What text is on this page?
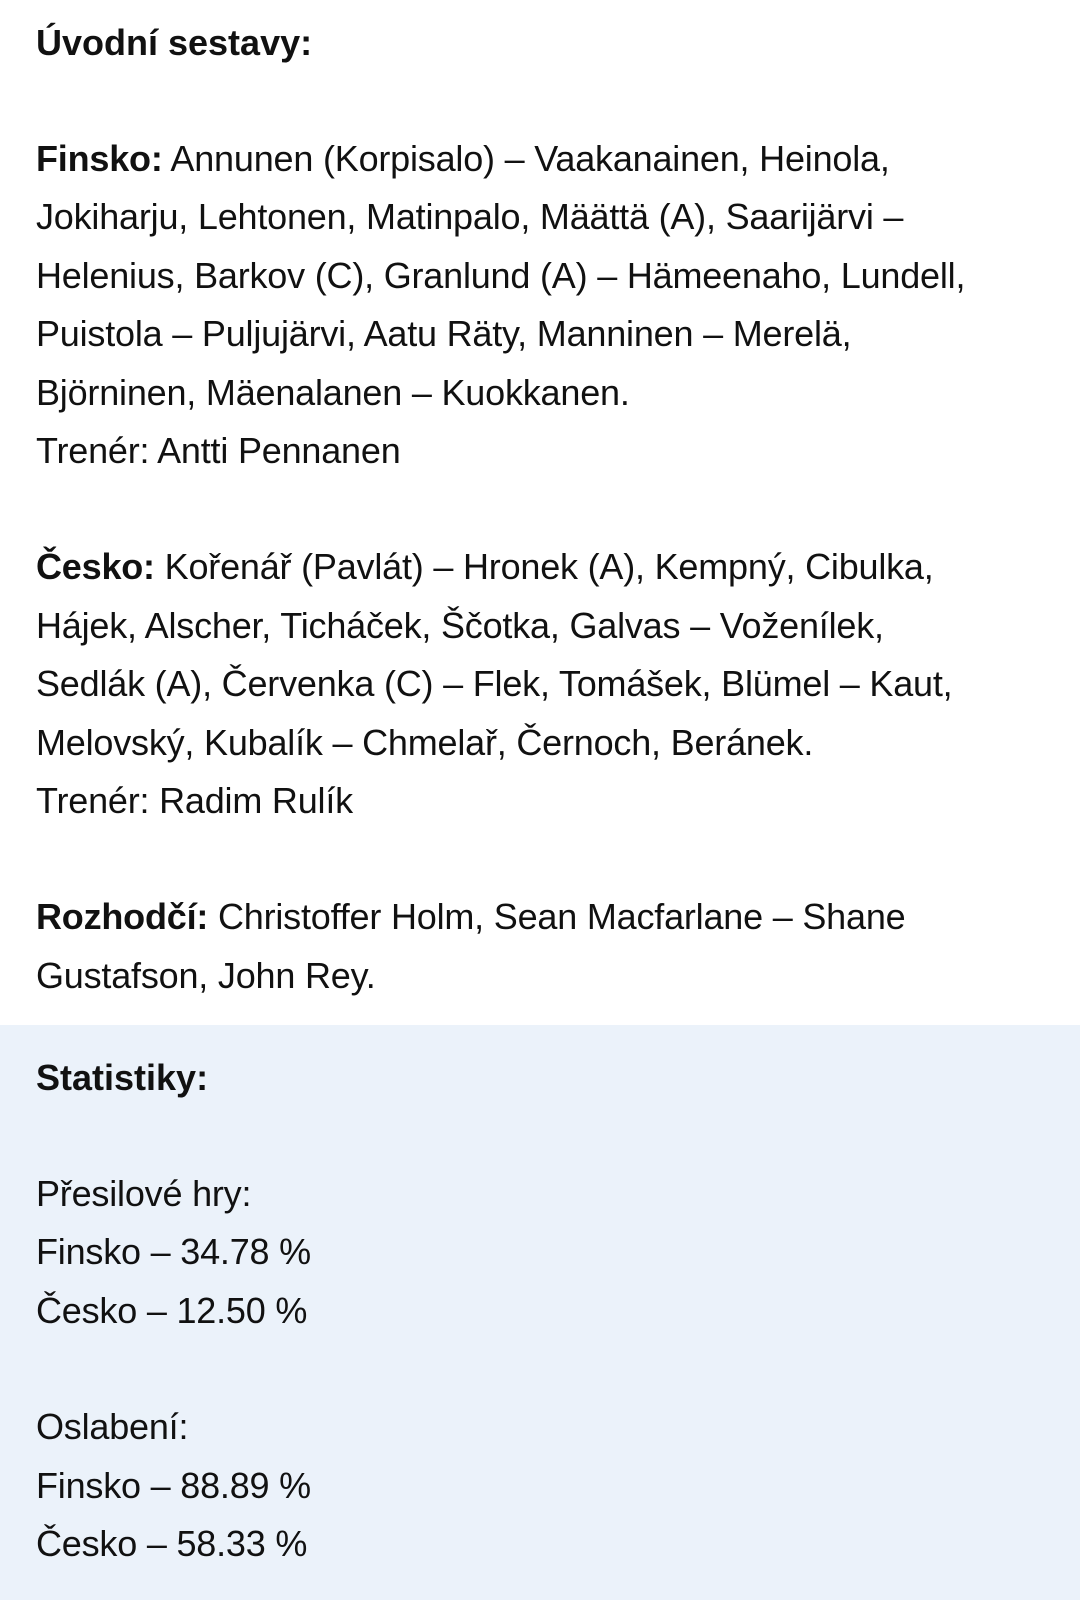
Úvodní sestavy:

Finsko: Annunen (Korpisalo) – Vaakanainen, Heinola,

Jokiharju, Lehtonen, Matinpalo, Määttä (A), Saarijärvi –

Helenius, Barkov (C), Granlund (A) – Hämeenaho, Lundell,

Puistola – Puljujärvi, Aatu Räty, Manninen – Merelä,

Björninen, Mäenalanen – Kuokkanen.

Trenér: Antti Pennanen

Česko: Kořenář (Pavlát) – Hronek (A), Kempný, Cibulka,

Hájek, Alscher, Ticháček, Ščotka, Galvas – Voženílek,

Sedlák (A), Červenka (C) – Flek, Tomášek, Blümel – Kaut,

Melovský, Kubalík – Chmelař, Černoch, Beránek.

Trenér: Radim Rulík

Rozhodčí: Christoffer Holm, Sean Macfarlane – Shane

Gustafson, John Rey.

Statistiky:

Přesilové hry:

Finsko – 34.78 %

Česko – 12.50 %

Oslabení:

Finsko – 88.89 %

Česko – 58.33 %
